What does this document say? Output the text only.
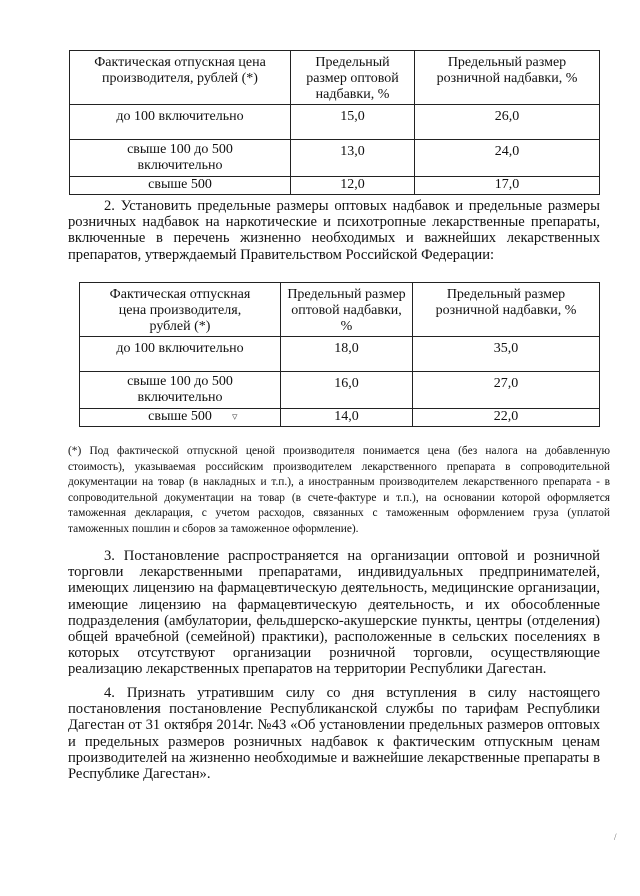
Фактическая отпускная цена производителя, рублей (*)	Предельный размер оптовой надбавки, %	Предельный размер розничной надбавки, %
до 100 включительно	15,0	26,0
свыше 100 до 500 включительно	13,0	24,0
свыше 500	12,0	17,0

2. Установить предельные размеры оптовых надбавок и предельные размеры розничных надбавок на наркотические и психотропные лекарственные препараты, включенные в перечень жизненно необходимых и важнейших лекарственных препаратов, утверждаемый Правительством Российской Федерации:

Фактическая отпускная цена производителя, рублей (*)	Предельный размер оптовой надбавки, %	Предельный размер розничной надбавки, %
до 100 включительно	18,0	35,0
свыше 100 до 500 включительно	16,0	27,0
свыше 500	14,0	22,0

(*) Под фактической отпускной ценой производителя понимается цена (без налога на добавленную стоимость), указываемая российским производителем лекарственного препарата в сопроводительной документации на товар (в накладных и т.п.), а иностранным производителем лекарственного препарата - в сопроводительной документации на товар (в счете-фактуре и т.п.), на основании которой оформляется таможенная декларация, с учетом расходов, связанных с таможенным оформлением груза (уплатой таможенных пошлин и сборов за таможенное оформление).

3. Постановление распространяется на организации оптовой и розничной торговли лекарственными препаратами, индивидуальных предпринимателей, имеющих лицензию на фармацевтическую деятельность, медицинские организации, имеющие лицензию на фармацевтическую деятельность, и их обособленные подразделения (амбулатории, фельдшерско-акушерские пункты, центры (отделения) общей врачебной (семейной) практики), расположенные в сельских поселениях в которых отсутствуют организации розничной торговли, осуществляющие реализацию лекарственных препаратов на территории Республики Дагестан.

4. Признать утратившим силу со дня вступления в силу настоящего постановления постановление Республиканской службы по тарифам Республики Дагестан от 31 октября 2014г. №43 «Об установлении предельных размеров оптовых и предельных размеров розничных надбавок к фактическим отпускным ценам производителей на жизненно необходимые и важнейшие лекарственные препараты в Республике Дагестан».

▿
/
